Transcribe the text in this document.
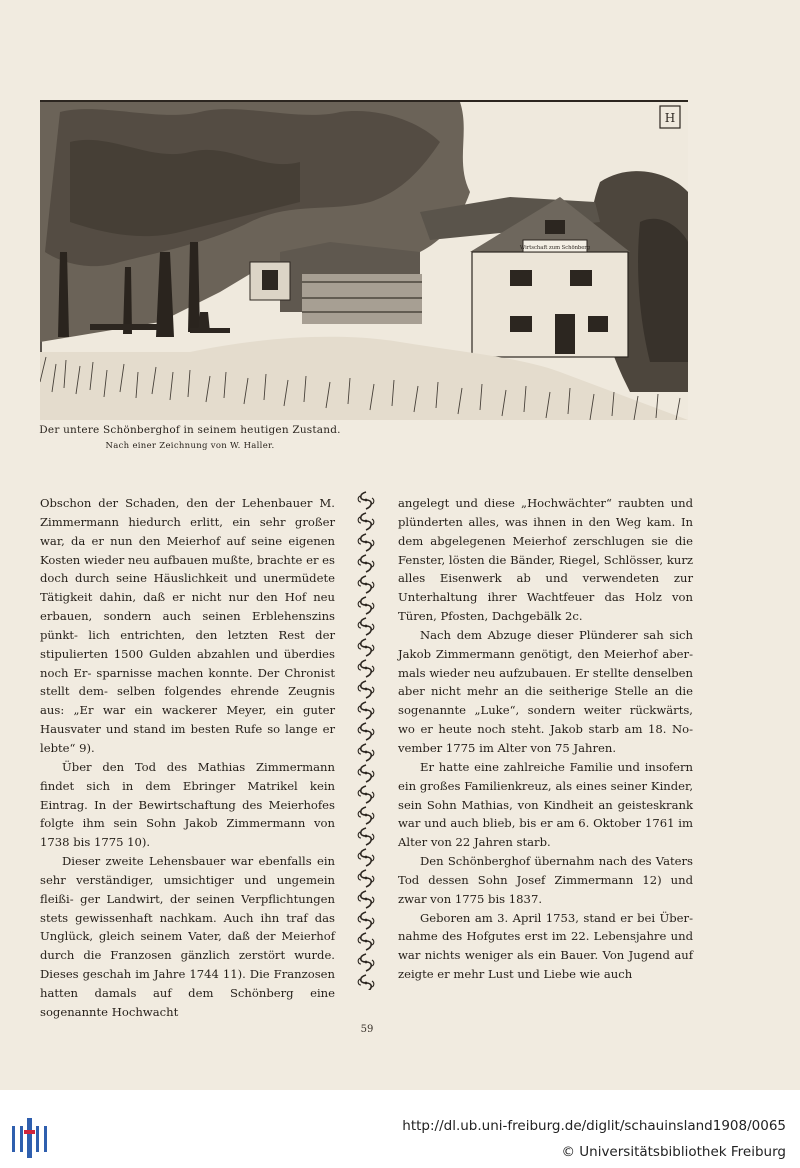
Wirtschaft zum Schönberg
H
Der untere Schönberghof in seinem heutigen Zustand.
Nach einer Zeichnung von W. Haller.

Obschon der Schaden, den der Lehenbauer M. Zimmermann hiedurch erlitt, ein sehr großer war, da er nun den Meierhof auf seine eigenen Kosten wieder neu aufbauen mußte, brachte er es doch durch seine Häuslichkeit und unermüdete Tätigkeit dahin, daß er nicht nur den Hof neu erbauen, sondern auch seinen Erblehenszins pünkt- lich entrichten, den letzten Rest der stipulierten 1500 Gulden abzahlen und überdies noch Er- sparnisse machen konnte. Der Chronist stellt dem- selben folgendes ehrende Zeugnis aus: „Er war ein wackerer Meyer, ein guter Hausvater und stand im besten Rufe so lange er lebte“ 9).

Über den Tod des Mathias Zimmermann findet sich in dem Ebringer Matrikel kein Eintrag. In der Bewirtschaftung des Meierhofes folgte ihm sein Sohn Jakob Zimmermann von 1738 bis 1775 10).

Dieser zweite Lehensbauer war ebenfalls ein sehr verständiger, umsichtiger und ungemein fleißi- ger Landwirt, der seinen Verpflichtungen stets gewissenhaft nachkam. Auch ihn traf das Unglück, gleich seinem Vater, daß der Meierhof durch die Franzosen gänzlich zerstört wurde. Dieses geschah im Jahre 1744 11). Die Franzosen hatten damals auf dem Schönberg eine sogenannte Hochwacht

angelegt und diese „Hochwächter“ raubten und plünderten alles, was ihnen in den Weg kam. In dem abgelegenen Meierhof zerschlugen sie die Fenster, lösten die Bänder, Riegel, Schlösser, kurz alles Eisenwerk ab und verwendeten zur Unterhaltung ihrer Wachtfeuer das Holz von Türen, Pfosten, Dachgebälk 2c.

Nach dem Abzuge dieser Plünderer sah sich Jakob Zimmermann genötigt, den Meierhof aber- mals wieder neu aufzubauen. Er stellte denselben aber nicht mehr an die seitherige Stelle an die sogenannte „Luke“, sondern weiter rückwärts, wo er heute noch steht. Jakob starb am 18. No- vember 1775 im Alter von 75 Jahren.

Er hatte eine zahlreiche Familie und insofern ein großes Familienkreuz, als eines seiner Kinder, sein Sohn Mathias, von Kindheit an geisteskrank war und auch blieb, bis er am 6. Oktober 1761 im Alter von 22 Jahren starb.

Den Schönberghof übernahm nach des Vaters Tod dessen Sohn Josef Zimmermann 12) und zwar von 1775 bis 1837.

Geboren am 3. April 1753, stand er bei Über- nahme des Hofgutes erst im 22. Lebensjahre und war nichts weniger als ein Bauer. Von Jugend auf zeigte er mehr Lust und Liebe wie auch

59
http://dl.ub.uni-freiburg.de/diglit/schauinsland1908/0065
© Universitätsbibliothek Freiburg
